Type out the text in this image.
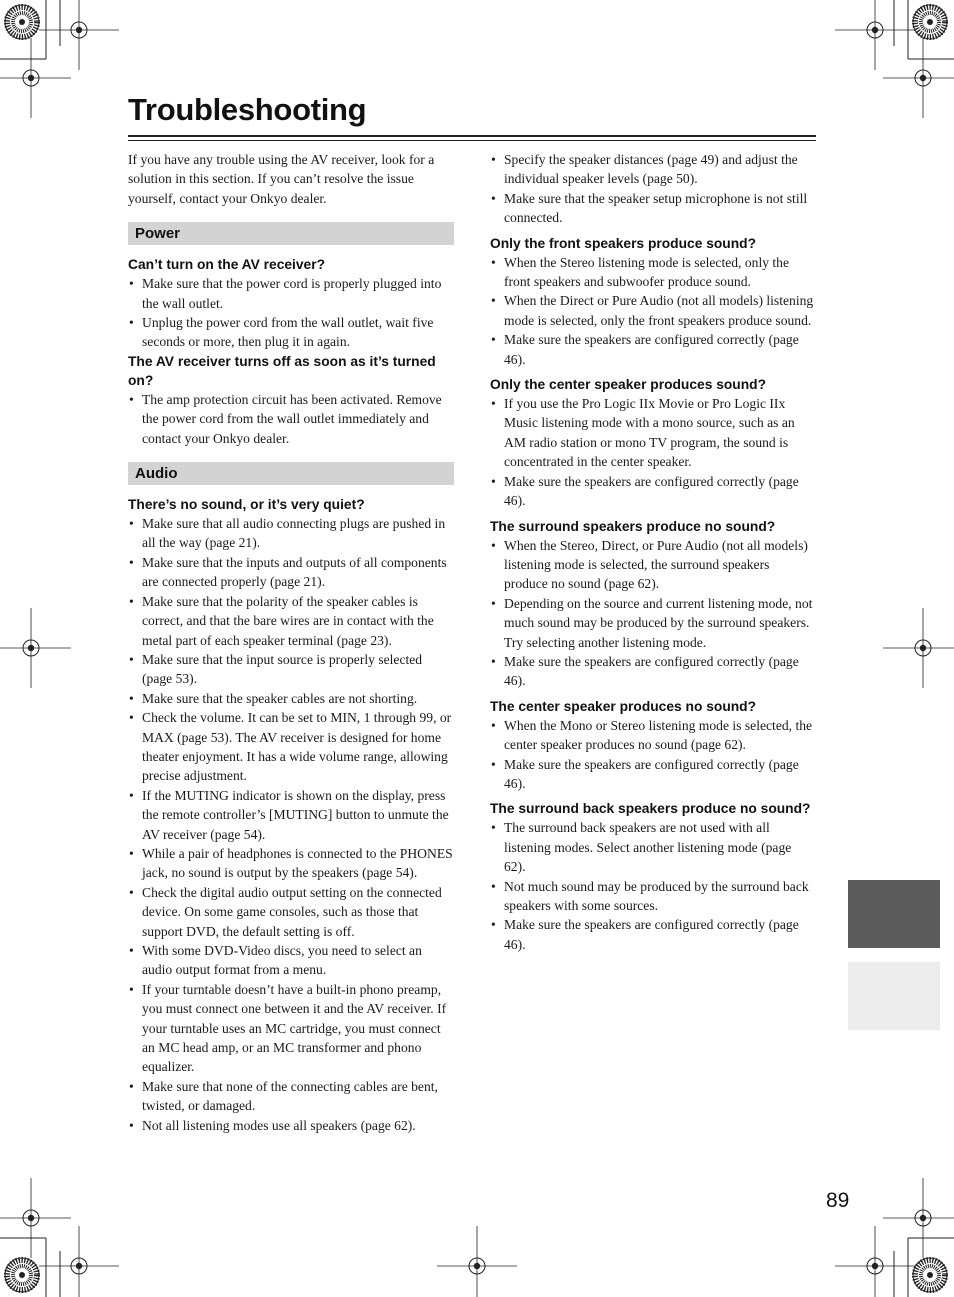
Troubleshooting

If you have any trouble using the AV receiver, look for a solution in this section. If you can’t resolve the issue yourself, contact your Onkyo dealer.

Power

Can’t turn on the AV receiver?

• Make sure that the power cord is properly plugged into the wall outlet.
• Unplug the power cord from the wall outlet, wait five seconds or more, then plug it in again.

The AV receiver turns off as soon as it’s turned on?

• The amp protection circuit has been activated. Remove the power cord from the wall outlet immediately and contact your Onkyo dealer.
Audio

There’s no sound, or it’s very quiet?

• Make sure that all audio connecting plugs are pushed in all the way (page 21).
• Make sure that the inputs and outputs of all components are connected properly (page 21).
• Make sure that the polarity of the speaker cables is correct, and that the bare wires are in contact with the metal part of each speaker terminal (page 23).
• Make sure that the input source is properly selected (page 53).
• Make sure that the speaker cables are not shorting.
• Check the volume. It can be set to MIN, 1 through 99, or MAX (page 53). The AV receiver is designed for home theater enjoyment. It has a wide volume range, allowing precise adjustment.
• If the MUTING indicator is shown on the display, press the remote controller’s [MUTING] button to unmute the AV receiver (page 54).
• While a pair of headphones is connected to the PHONES jack, no sound is output by the speakers (page 54).
• Check the digital audio output setting on the connected device. On some game consoles, such as those that support DVD, the default setting is off.
• With some DVD-Video discs, you need to select an audio output format from a menu.
• If your turntable doesn’t have a built-in phono preamp, you must connect one between it and the AV receiver. If your turntable uses an MC cartridge, you must connect an MC head amp, or an MC transformer and phono equalizer.
• Make sure that none of the connecting cables are bent, twisted, or damaged.
• Not all listening modes use all speakers (page 62).
• Specify the speaker distances (page 49) and adjust the individual speaker levels (page 50).
• Make sure that the speaker setup microphone is not still connected.

Only the front speakers produce sound?

• When the Stereo listening mode is selected, only the front speakers and subwoofer produce sound.
• When the Direct or Pure Audio (not all models) listening mode is selected, only the front speakers produce sound.
• Make sure the speakers are configured correctly (page 46).

Only the center speaker produces sound?

• If you use the Pro Logic IIx Movie or Pro Logic IIx Music listening mode with a mono source, such as an AM radio station or mono TV program, the sound is concentrated in the center speaker.
• Make sure the speakers are configured correctly (page 46).

The surround speakers produce no sound?

• When the Stereo, Direct, or Pure Audio (not all models) listening mode is selected, the surround speakers produce no sound (page 62).
• Depending on the source and current listening mode, not much sound may be produced by the surround speakers. Try selecting another listening mode.
• Make sure the speakers are configured correctly (page 46).

The center speaker produces no sound?

• When the Mono or Stereo listening mode is selected, the center speaker produces no sound (page 62).
• Make sure the speakers are configured correctly (page 46).

The surround back speakers produce no sound?

• The surround back speakers are not used with all listening modes. Select another listening mode (page 62).
• Not much sound may be produced by the surround back speakers with some sources.
• Make sure the speakers are configured correctly (page 46).
89
